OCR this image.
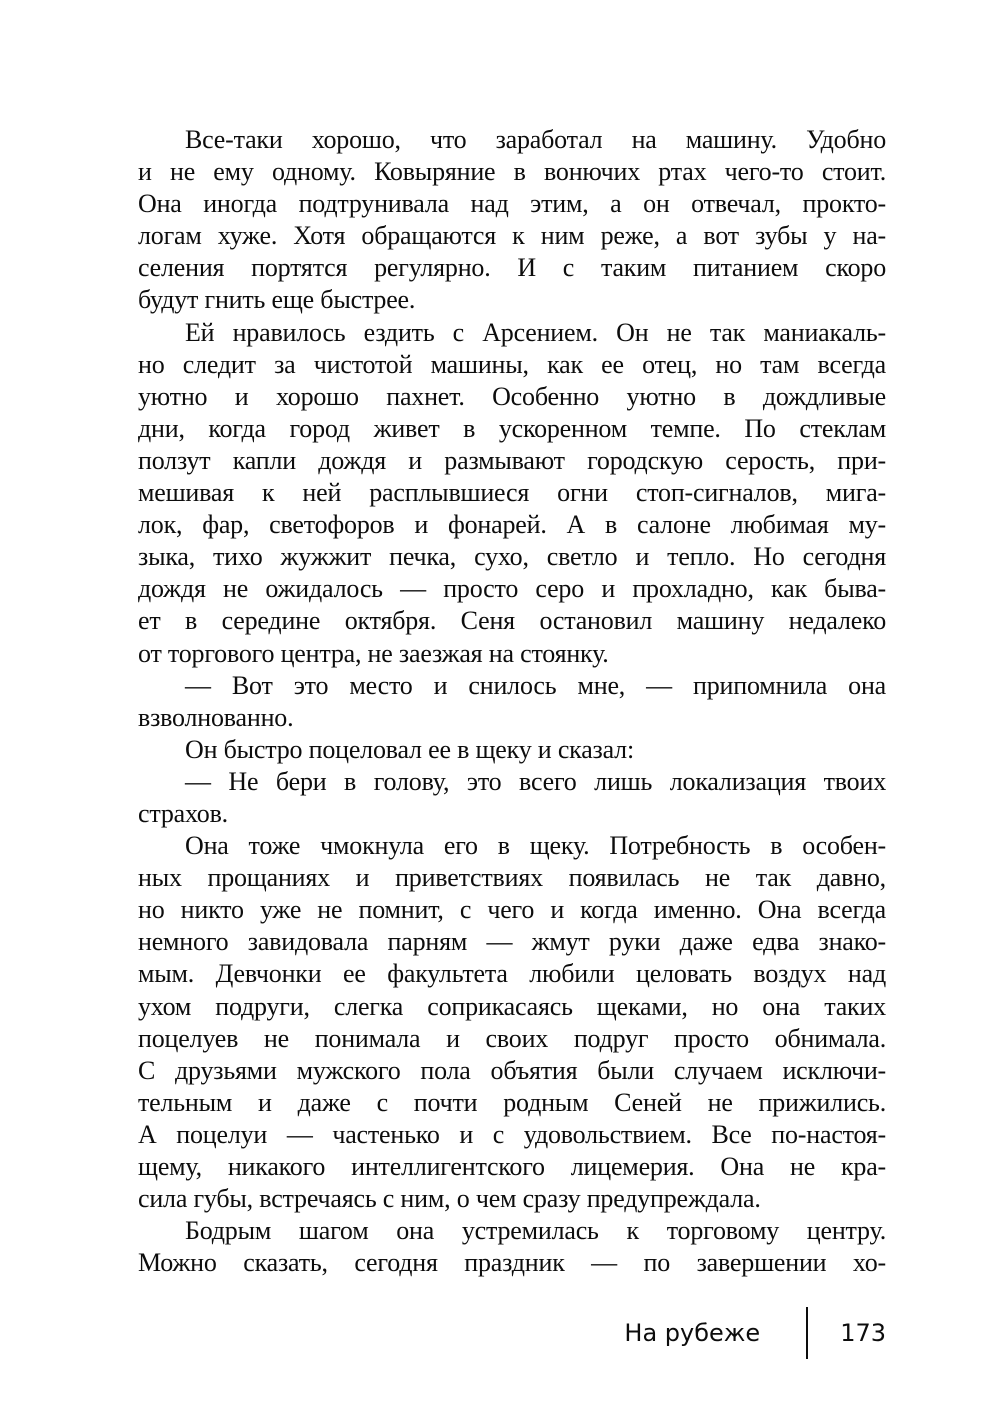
Все-таки хорошо, что заработал на машину. Удобно
и не ему одному. Ковыряние в вонючих ртах чего-то стоит.
Она иногда подтрунивала над этим, а он отвечал, прокто-
логам хуже. Хотя обращаются к ним реже, а вот зубы у на-
селения портятся регулярно. И с таким питанием скоро
будут гнить еще быстрее.
Ей нравилось ездить с Арсением. Он не так маниакаль-
но следит за чистотой машины, как ее отец, но там всегда
уютно и хорошо пахнет. Особенно уютно в дождливые
дни, когда город живет в ускоренном темпе. По стеклам
ползут капли дождя и размывают городскую серость, при-
мешивая к ней расплывшиеся огни стоп-сигналов, мига-
лок, фар, светофоров и фонарей. А в салоне любимая му-
зыка, тихо жужжит печка, сухо, светло и тепло. Но сегодня
дождя не ожидалось — просто серо и прохладно, как быва-
ет в середине октября. Сеня остановил машину недалеко
от торгового центра, не заезжая на стоянку.
— Вот это место и снилось мне, — припомнила она
взволнованно.
Он быстро поцеловал ее в щеку и сказал:
— Не бери в голову, это всего лишь локализация твоих
страхов.
Она тоже чмокнула его в щеку. Потребность в особен-
ных прощаниях и приветствиях появилась не так давно,
но никто уже не помнит, с чего и когда именно. Она всегда
немного завидовала парням — жмут руки даже едва знако-
мым. Девчонки ее факультета любили целовать воздух над
ухом подруги, слегка соприкасаясь щеками, но она таких
поцелуев не понимала и своих подруг просто обнимала.
С друзьями мужского пола объятия были случаем исключи-
тельным и даже с почти родным Сеней не прижились.
А поцелуи — частенько и с удовольствием. Все по-настоя-
щему, никакого интеллигентского лицемерия. Она не кра-
сила губы, встречаясь с ним, о чем сразу предупреждала.
Бодрым шагом она устремилась к торговому центру.
Можно сказать, сегодня праздник — по завершении хо-
На рубеже	173
